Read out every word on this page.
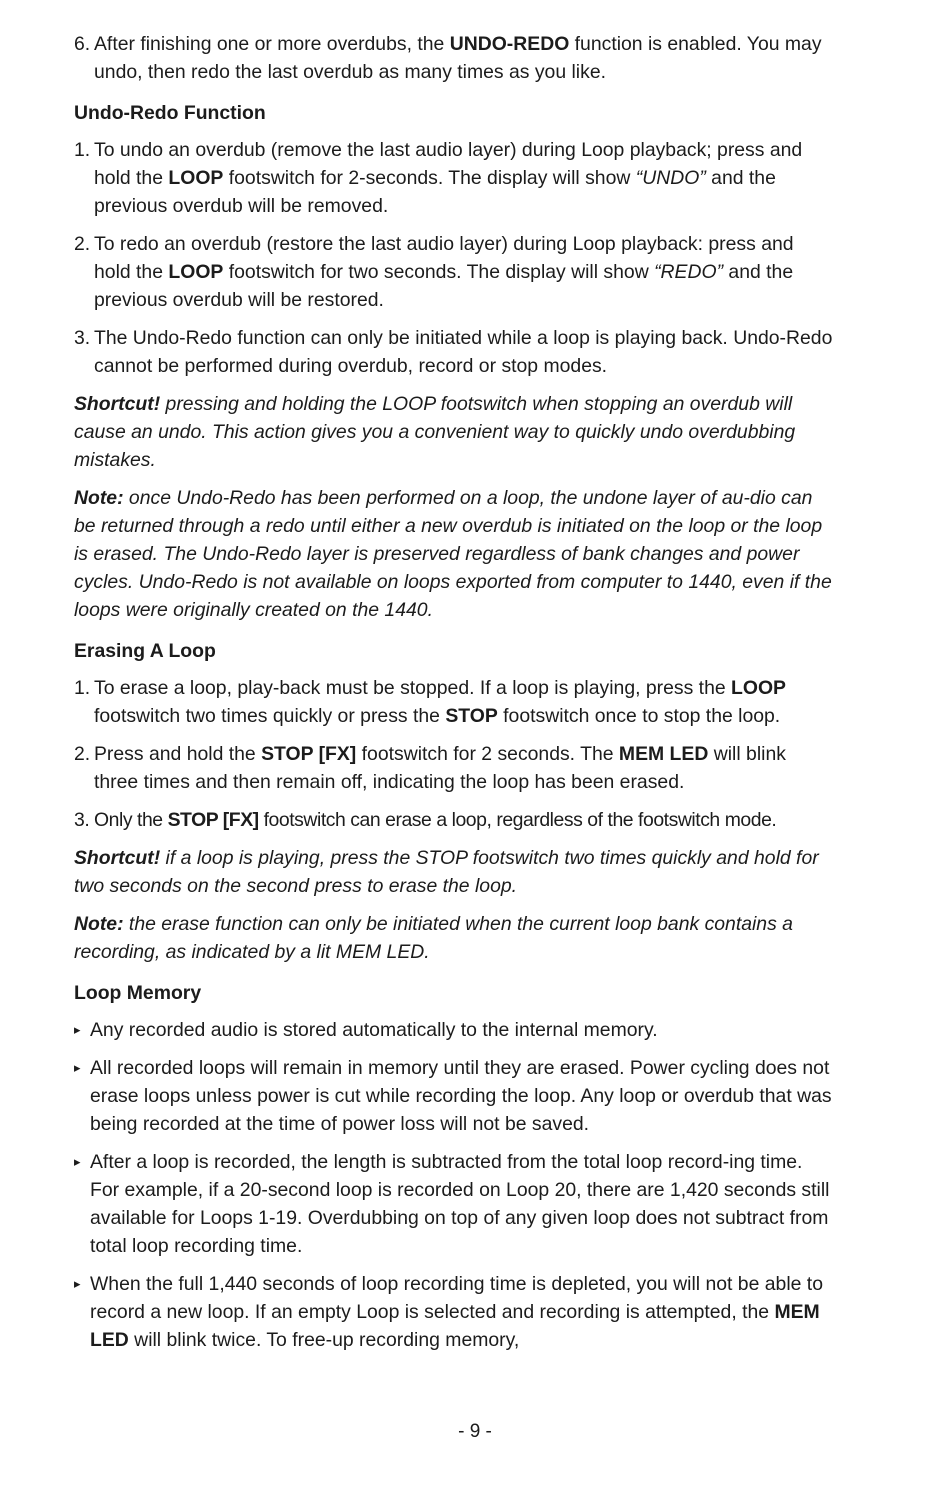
6. After finishing one or more overdubs, the UNDO-REDO function is enabled. You may undo, then redo the last overdub as many times as you like.

Undo-Redo Function

1. To undo an overdub (remove the last audio layer) during Loop playback; press and hold the LOOP footswitch for 2-seconds. The display will show “UNDO” and the previous overdub will be removed.

2. To redo an overdub (restore the last audio layer) during Loop playback: press and hold the LOOP footswitch for two seconds. The display will show “REDO” and the previous overdub will be restored.

3. The Undo-Redo function can only be initiated while a loop is playing back. Undo-Redo cannot be performed during overdub, record or stop modes.

Shortcut! pressing and holding the LOOP footswitch when stopping an overdub will cause an undo. This action gives you a convenient way to quickly undo overdubbing mistakes.

Note: once Undo-Redo has been performed on a loop, the undone layer of au-dio can be returned through a redo until either a new overdub is initiated on the loop or the loop is erased. The Undo-Redo layer is preserved regardless of bank changes and power cycles. Undo-Redo is not available on loops exported from computer to 1440, even if the loops were originally created on the 1440.

Erasing A Loop

1. To erase a loop, play-back must be stopped. If a loop is playing, press the LOOP footswitch two times quickly or press the STOP footswitch once to stop the loop.

2. Press and hold the STOP [FX] footswitch for 2 seconds. The MEM LED will blink three times and then remain off, indicating the loop has been erased.

3. Only the STOP [FX] footswitch can erase a loop, regardless of the footswitch mode.

Shortcut! if a loop is playing, press the STOP footswitch two times quickly and hold for two seconds on the second press to erase the loop.

Note: the erase function can only be initiated when the current loop bank contains a recording, as indicated by a lit MEM LED.

Loop Memory

▸ Any recorded audio is stored automatically to the internal memory.

▸ All recorded loops will remain in memory until they are erased. Power cycling does not erase loops unless power is cut while recording the loop. Any loop or overdub that was being recorded at the time of power loss will not be saved.

▸ After a loop is recorded, the length is subtracted from the total loop record-ing time. For example, if a 20-second loop is recorded on Loop 20, there are 1,420 seconds still available for Loops 1-19. Overdubbing on top of any given loop does not subtract from total loop recording time.

▸ When the full 1,440 seconds of loop recording time is depleted, you will not be able to record a new loop. If an empty Loop is selected and recording is attempted, the MEM LED will blink twice. To free-up recording memory,

- 9 -
